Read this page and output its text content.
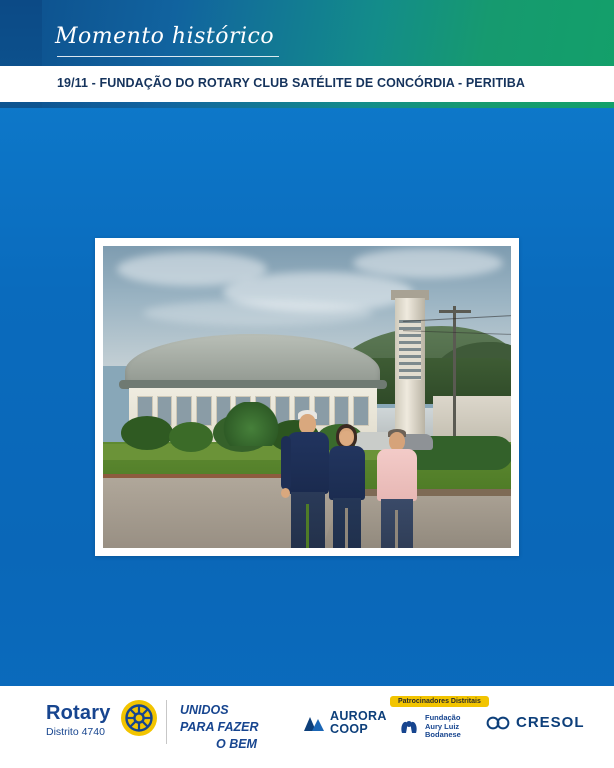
Momento histórico
19/11 - FUNDAÇÃO DO ROTARY CLUB SATÉLITE DE CONCÓRDIA - PERITIBA
Rotary
Distrito 4740
UNIDOS
PARA FAZER
O BEM
AURORA
COOP
Patrocinadores Distritais
Fundação
Aury Luiz
Bodanese
CRESOL
